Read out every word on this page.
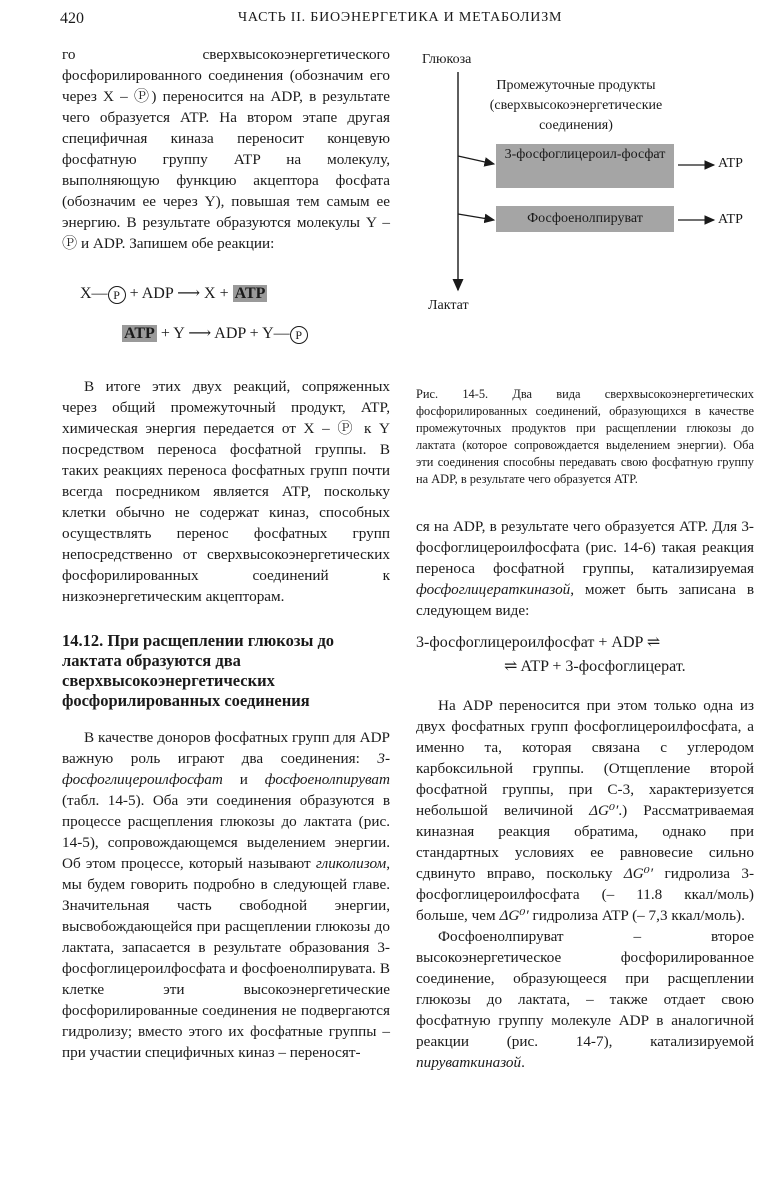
420	ЧАСТЬ II. БИОЭНЕРГЕТИКА И МЕТАБОЛИЗМ

го сверхвысокоэнергетического фосфорилированного соединения (обозначим его через X – Ⓟ) переносится на ADP, в результате чего образуется ATP. На втором этапе другая специфичная киназа переносит концевую фосфатную группу ATP на молекулу, выполняющую функцию акцептора фосфата (обозначим ее через Y), повышая тем самым ее энергию. В результате образуются молекулы Y – Ⓟ и ADP. Запишем обе реакции:

X— P + ADP ⟶ X + ATP
ATP + Y ⟶ ADP + Y— P

В итоге этих двух реакций, сопряженных через общий промежуточный продукт, ATP, химическая энергия передается от X – Ⓟ к Y посредством переноса фосфатной группы. В таких реакциях переноса фосфатных групп почти всегда посредником является ATP, поскольку клетки обычно не содержат киназ, способных осуществлять перенос фосфатных групп непосредственно от сверхвысокоэнергетических фосфорилированных соединений к низкоэнергетическим акцепторам.

14.12. При расщеплении глюкозы до лактата образуются два сверхвысокоэнергетических фосфорилированных соединения

В качестве доноров фосфатных групп для ADP важную роль играют два соединения: 3-фосфоглицероилфосфат и фосфоенолпируват (табл. 14-5). Оба эти соединения образуются в процессе расщепления глюкозы до лактата (рис. 14-5), сопровождающемся выделением энергии. Об этом процессе, который называют гликолизом, мы будем говорить подробно в следующей главе. Значительная часть свободной энергии, высвобождающейся при расщеплении глюкозы до лактата, запасается в результате образования 3-фосфоглицероилфосфата и фосфоенолпирувата. В клетке эти высокоэнергетические фосфорилированные соединения не подвергаются гидролизу; вместо этого их фосфатные группы – при участии специфичных киназ – переносят-

Глюкоза
Промежуточные продукты (сверхвысокоэнергетические соединения)
3-фосфоглицероил-фосфат
Фосфоенолпируват
ATP
ATP
Лактат

Рис. 14-5. Два вида сверхвысокоэнергетических фосфорилированных соединений, образующихся в качестве промежуточных продуктов при расщеплении глюкозы до лактата (которое сопровождается выделением энергии). Оба эти соединения способны передавать свою фосфатную группу на ADP, в результате чего образуется ATP.

ся на ADP, в результате чего образуется ATP. Для 3-фосфоглицероилфосфата (рис. 14-6) такая реакция переноса фосфатной группы, катализируемая фосфоглицераткиназой, может быть записана в следующем виде:

3-фосфоглицероилфосфат + ADP ⇌
⇌ ATP + 3-фосфоглицерат.

На ADP переносится при этом только одна из двух фосфатных групп фосфоглицероилфосфата, а именно та, которая связана с углеродом карбоксильной группы. (Отщепление второй фосфатной группы, при C-3, характеризуется небольшой величиной ΔG⁰′.) Рассматриваемая киназная реакция обратима, однако при стандартных условиях ее равновесие сильно сдвинуто вправо, поскольку ΔG⁰′ гидролиза 3-фосфоглицероилфосфата (– 11.8 ккал/моль) больше, чем ΔG⁰′ гидролиза ATP (– 7,3 ккал/моль).

Фосфоенолпируват – второе высокоэнергетическое фосфорилированное соединение, образующееся при расщеплении глюкозы до лактата, – также отдает свою фосфатную группу молекуле ADP в аналогичной реакции (рис. 14-7), катализируемой пируваткиназой.
